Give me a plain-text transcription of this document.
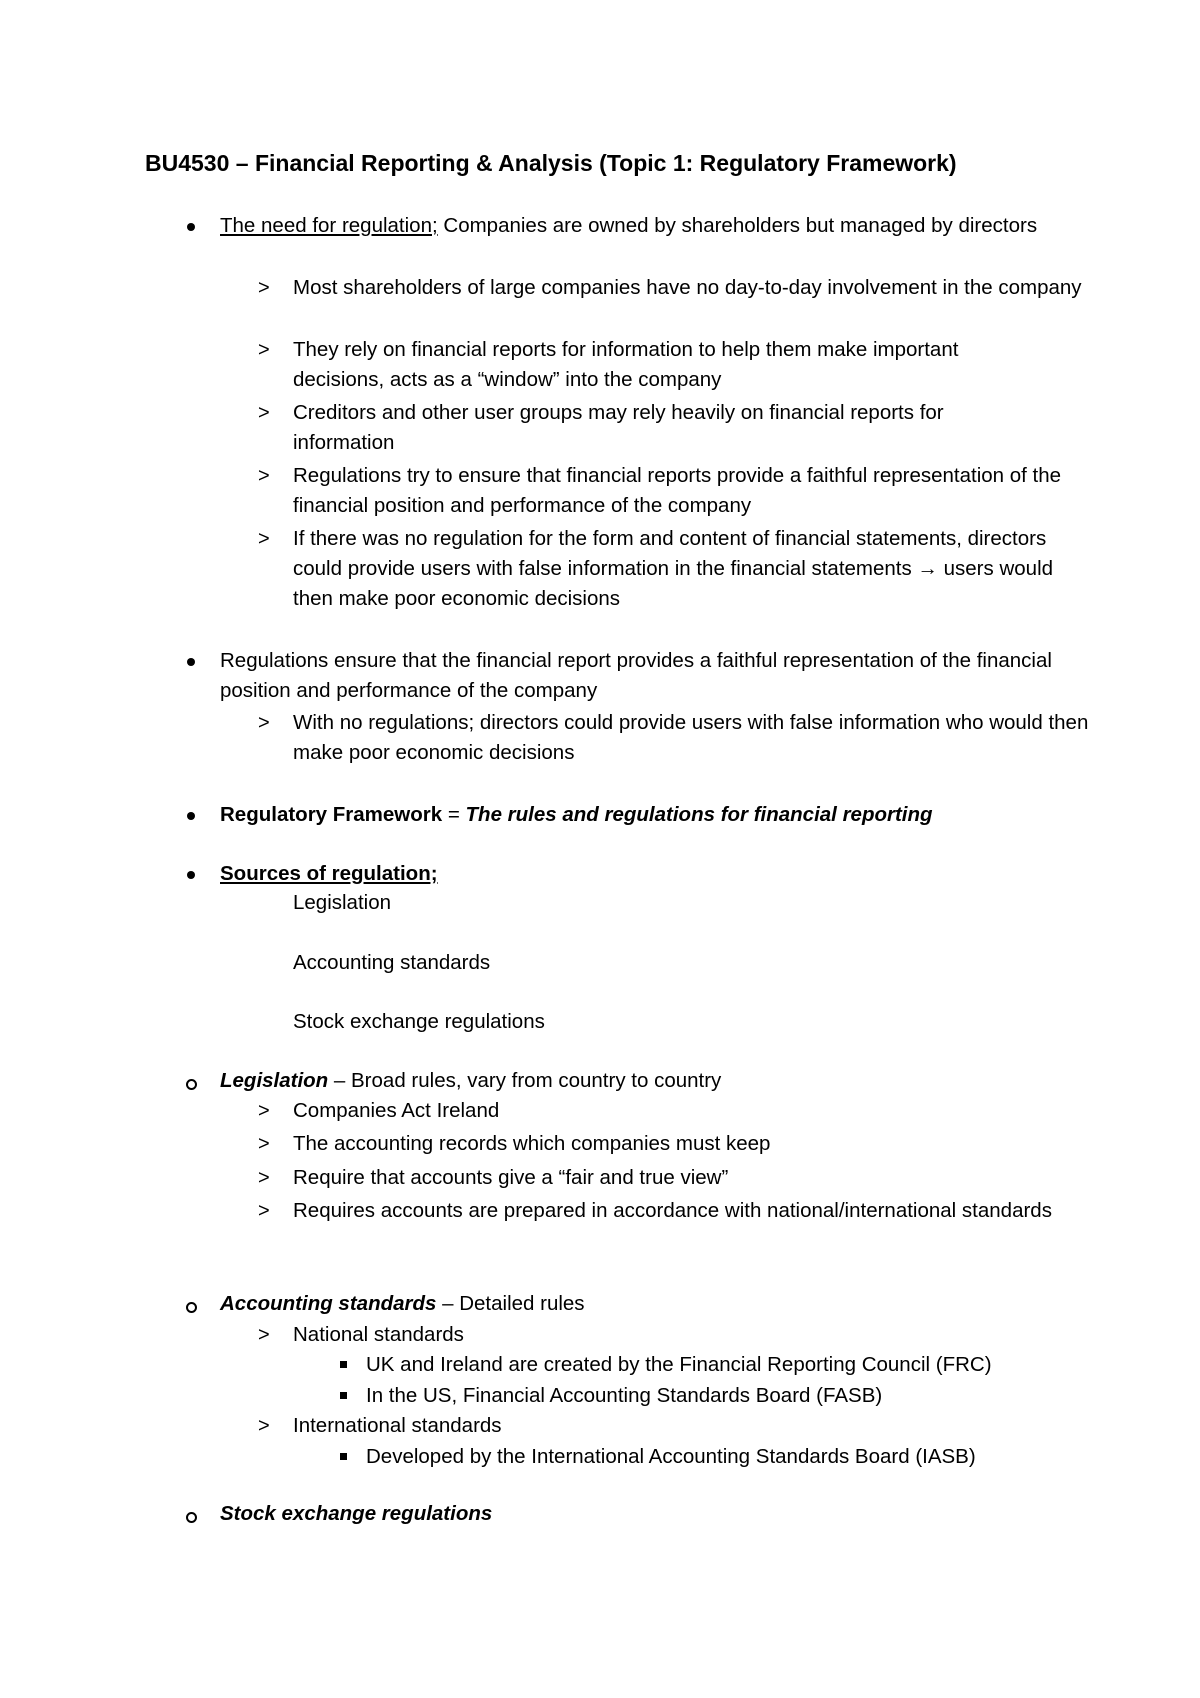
BU4530 – Financial Reporting & Analysis (Topic 1: Regulatory Framework)
The need for regulation; Companies are owned by shareholders but managed by directors
> Most shareholders of large companies have no day-to-day involvement in the company
> They rely on financial reports for information to help them make important decisions, acts as a “window” into the company
> Creditors and other user groups may rely heavily on financial reports for information
> Regulations try to ensure that financial reports provide a faithful representation of the financial position and performance of the company
> If there was no regulation for the form and content of financial statements, directors could provide users with false information in the financial statements → users would then make poor economic decisions
Regulations ensure that the financial report provides a faithful representation of the financial position and performance of the company
> With no regulations; directors could provide users with false information who would then make poor economic decisions
Regulatory Framework = The rules and regulations for financial reporting
Sources of regulation;
Legislation
Accounting standards
Stock exchange regulations
Legislation – Broad rules, vary from country to country
> Companies Act Ireland
> The accounting records which companies must keep
> Require that accounts give a “fair and true view”
> Requires accounts are prepared in accordance with national/international standards
Accounting standards – Detailed rules
> National standards
UK and Ireland are created by the Financial Reporting Council (FRC)
In the US, Financial Accounting Standards Board (FASB)
> International standards
Developed by the International Accounting Standards Board (IASB)
Stock exchange regulations
